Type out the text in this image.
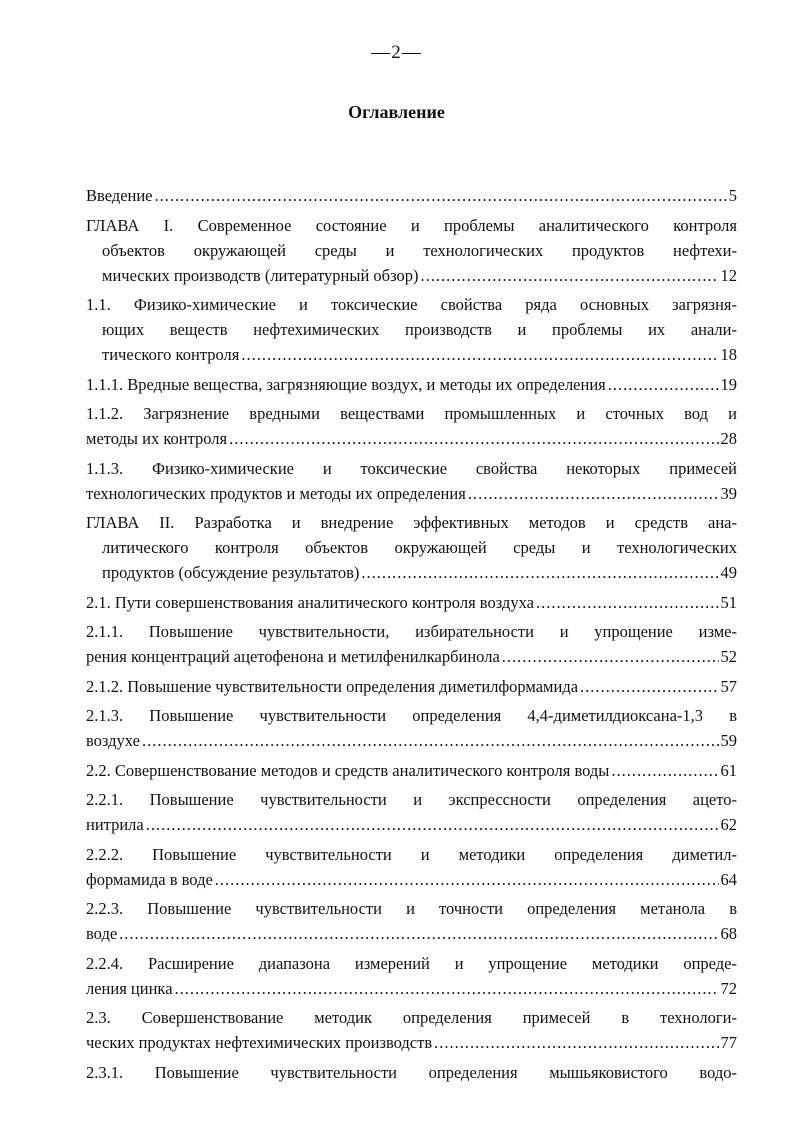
—2—
Оглавление
Введение .....	5
ГЛАВА I. Современное состояние и проблемы аналитического контроля
объектов окружающей среды и технологических продуктов нефтехи-
мических производств (литературный обзор) .....	12
1.1. Физико-химические и токсические свойства ряда основных загрязня-
ющих веществ нефтехимических производств и проблемы их анали-
тического контроля .....	18
1.1.1. Вредные вещества, загрязняющие воздух, и методы их определения .....	19
1.1.2. Загрязнение вредными веществами промышленных и сточных вод и
методы их контроля .....	28
1.1.3. Физико-химические и токсические свойства некоторых примесей
технологических продуктов и методы их определения .....	39
ГЛАВА II. Разработка и внедрение эффективных методов и средств ана-
литического контроля объектов окружающей среды и технологических
продуктов (обсуждение результатов) .....	49
2.1. Пути совершенствования аналитического контроля воздуха .....	51
2.1.1. Повышение чувствительности, избирательности и упрощение изме-
рения концентраций ацетофенона и метилфенилкарбинола .....	52
2.1.2. Повышение чувствительности определения диметилформамида .....	57
2.1.3. Повышение чувствительности определения 4,4-диметилдиоксана-1,3 в
воздухе .....	59
2.2. Совершенствование методов и средств аналитического контроля воды .....	61
2.2.1. Повышение чувствительности и экспрессности определения ацето-
нитрила .....	62
2.2.2. Повышение чувствительности и методики определения диметил-
формамида в воде .....	64
2.2.3. Повышение чувствительности и точности определения метанола в
воде .....	68
2.2.4. Расширение диапазона измерений и упрощение методики опреде-
ления цинка .....	72
2.3. Совершенствование методик определения примесей в технологи-
ческих продуктах нефтехимических производств .....	77
2.3.1. Повышение чувствительности определения мышьяковистого водо-
